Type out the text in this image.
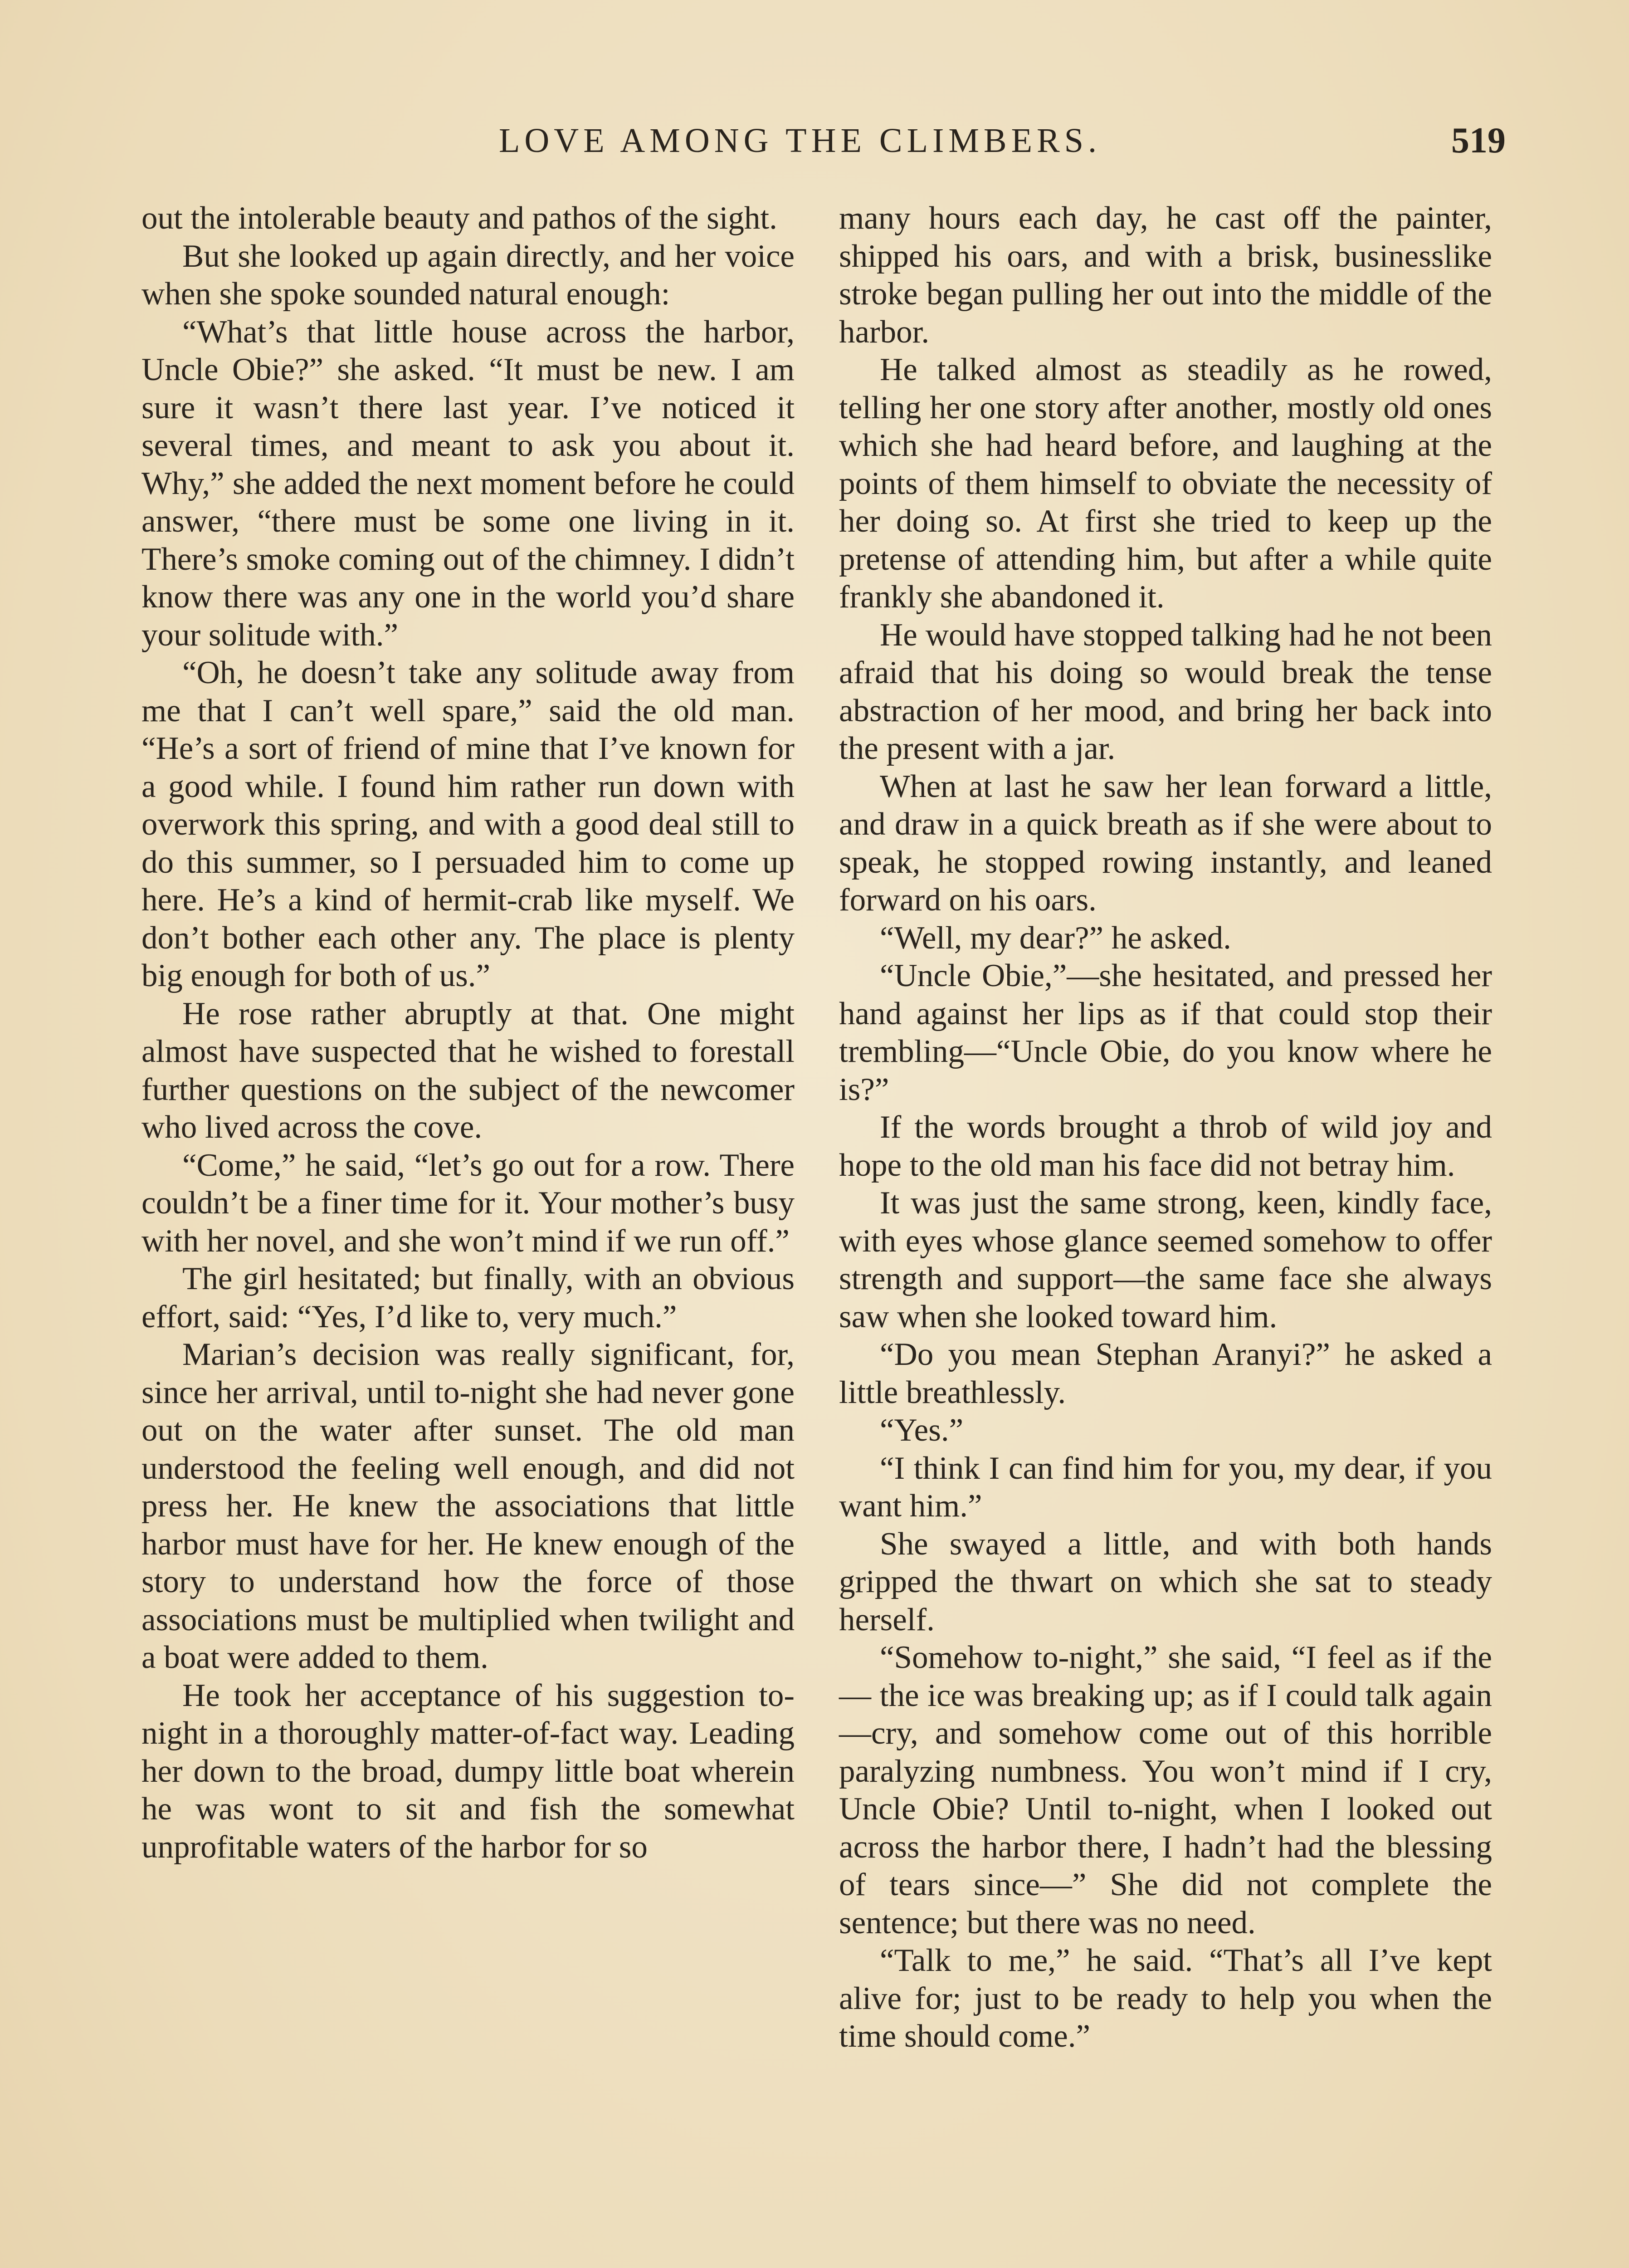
LOVE AMONG THE CLIMBERS.	519

out the intolerable beauty and pathos of the sight.

But she looked up again directly, and her voice when she spoke sounded natural enough:

“What’s that little house across the harbor, Uncle Obie?” she asked. “It must be new. I am sure it wasn’t there last year. I’ve noticed it several times, and meant to ask you about it. Why,” she added the next moment before he could answer, “there must be some one living in it. There’s smoke coming out of the chimney. I didn’t know there was any one in the world you’d share your solitude with.”

“Oh, he doesn’t take any solitude away from me that I can’t well spare,” said the old man. “He’s a sort of friend of mine that I’ve known for a good while. I found him rather run down with overwork this spring, and with a good deal still to do this summer, so I persuaded him to come up here. He’s a kind of hermit-crab like myself. We don’t bother each other any. The place is plenty big enough for both of us.”

He rose rather abruptly at that. One might almost have suspected that he wished to forestall further questions on the subject of the newcomer who lived across the cove.

“Come,” he said, “let’s go out for a row. There couldn’t be a finer time for it. Your mother’s busy with her novel, and she won’t mind if we run off.”

The girl hesitated; but finally, with an obvious effort, said: “Yes, I’d like to, very much.”

Marian’s decision was really significant, for, since her arrival, until to-night she had never gone out on the water after sunset. The old man understood the feeling well enough, and did not press her. He knew the associations that little harbor must have for her. He knew enough of the story to understand how the force of those associations must be multiplied when twilight and a boat were added to them.

He took her acceptance of his suggestion to-night in a thoroughly matter-of-fact way. Leading her down to the broad, dumpy little boat wherein he was wont to sit and fish the somewhat unprofitable waters of the harbor for so

many hours each day, he cast off the painter, shipped his oars, and with a brisk, businesslike stroke began pulling her out into the middle of the harbor.

He talked almost as steadily as he rowed, telling her one story after another, mostly old ones which she had heard before, and laughing at the points of them himself to obviate the necessity of her doing so. At first she tried to keep up the pretense of attending him, but after a while quite frankly she abandoned it.

He would have stopped talking had he not been afraid that his doing so would break the tense abstraction of her mood, and bring her back into the present with a jar.

When at last he saw her lean forward a little, and draw in a quick breath as if she were about to speak, he stopped rowing instantly, and leaned forward on his oars.

“Well, my dear?” he asked.

“Uncle Obie,”—she hesitated, and pressed her hand against her lips as if that could stop their trembling—“Uncle Obie, do you know where he is?”

If the words brought a throb of wild joy and hope to the old man his face did not betray him.

It was just the same strong, keen, kindly face, with eyes whose glance seemed somehow to offer strength and support—the same face she always saw when she looked toward him.

“Do you mean Stephan Aranyi?” he asked a little breathlessly.

“Yes.”

“I think I can find him for you, my dear, if you want him.”

She swayed a little, and with both hands gripped the thwart on which she sat to steady herself.

“Somehow to-night,” she said, “I feel as if the — the ice was breaking up; as if I could talk again—cry, and somehow come out of this horrible paralyzing numbness. You won’t mind if I cry, Uncle Obie? Until to-night, when I looked out across the harbor there, I hadn’t had the blessing of tears since—” She did not complete the sentence; but there was no need.

“Talk to me,” he said. “That’s all I’ve kept alive for; just to be ready to help you when the time should come.”
